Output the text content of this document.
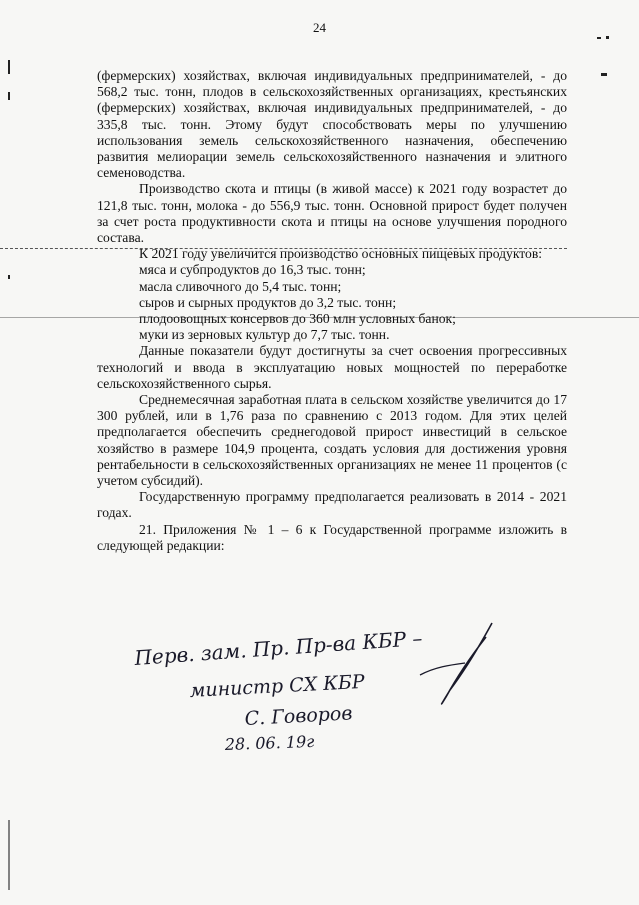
24

(фермерских) хозяйствах, включая индивидуальных предпринимателей, - до 568,2 тыс. тонн, плодов в сельскохозяйственных организациях, крестьянских (фермерских) хозяйствах, включая индивидуальных предпринимателей, - до 335,8 тыс. тонн. Этому будут способствовать меры по улучшению использования земель сельскохозяйственного назначения, обеспечению развития мелиорации земель сельскохозяйственного назначения и элитного семеноводства.

Производство скота и птицы (в живой массе) к 2021 году возрастет до 121,8 тыс. тонн, молока - до 556,9 тыс. тонн. Основной прирост будет получен за счет роста продуктивности скота и птицы на основе улучшения породного состава.

К 2021 году увеличится производство основных пищевых продуктов:

мяса и субпродуктов до 16,3 тыс. тонн;

масла сливочного до 5,4 тыс. тонн;

сыров и сырных продуктов до 3,2 тыс. тонн;

плодоовощных консервов до 360 млн условных банок;

муки из зерновых культур до 7,7 тыс. тонн.

Данные показатели будут достигнуты за счет освоения прогрессивных технологий и ввода в эксплуатацию новых мощностей по переработке сельскохозяйственного сырья.

Среднемесячная заработная плата в сельском хозяйстве увеличится до 17 300 рублей, или в 1,76 раза по сравнению с 2013 годом. Для этих целей предполагается обеспечить среднегодовой прирост инвестиций в сельское хозяйство в размере 104,9 процента, создать условия для достижения уровня рентабельности в сельскохозяйственных организациях не менее 11 процентов (с учетом субсидий).

Государственную программу предполагается реализовать в 2014 - 2021 годах.

21. Приложения № 1 – 6 к Государственной программе изложить в следующей редакции:

Перв. зам. Пр. Пр-ва КБР –
министр СХ КБР
С. Говоров
28. 06. 19г
